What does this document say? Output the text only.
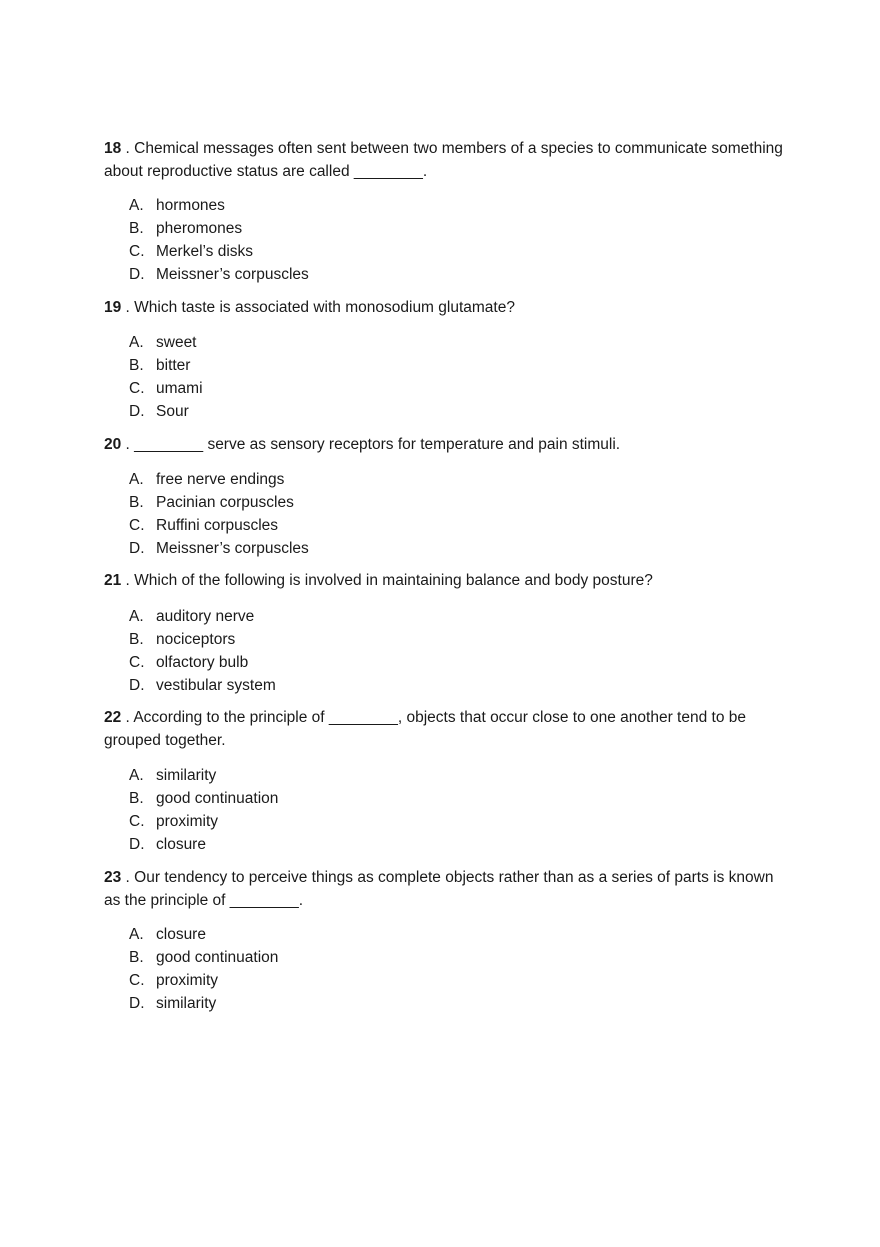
18 . Chemical messages often sent between two members of a species to communicate something about reproductive status are called ________.

A. hormones
B. pheromones
C. Merkel’s disks
D. Meissner’s corpuscles

19 . Which taste is associated with monosodium glutamate?

A. sweet
B. bitter
C. umami
D. Sour

20 . ________ serve as sensory receptors for temperature and pain stimuli.

A. free nerve endings
B. Pacinian corpuscles
C. Ruffini corpuscles
D. Meissner’s corpuscles

21 . Which of the following is involved in maintaining balance and body posture?

A. auditory nerve
B. nociceptors
C. olfactory bulb
D. vestibular system

22 . According to the principle of ________, objects that occur close to one another tend to be grouped together.

A. similarity
B. good continuation
C. proximity
D. closure

23 . Our tendency to perceive things as complete objects rather than as a series of parts is known as the principle of ________.

A. closure
B. good continuation
C. proximity
D. similarity
